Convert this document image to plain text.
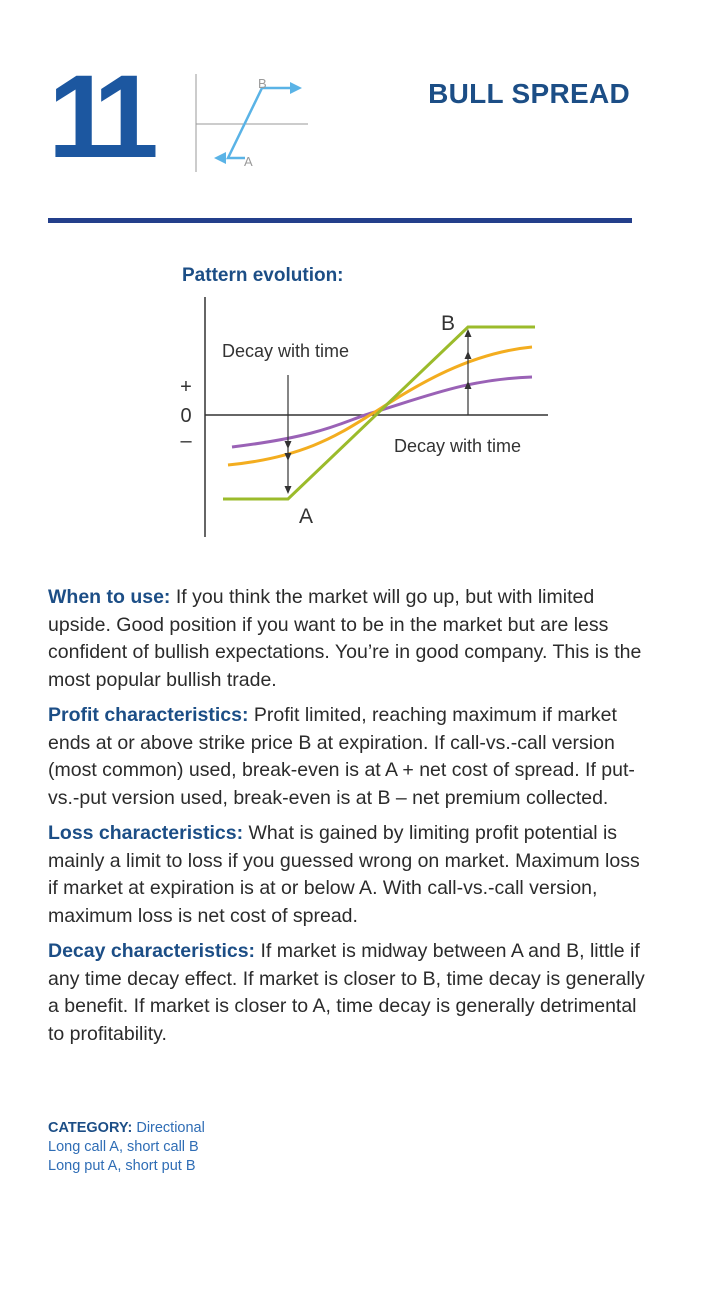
11	B
A
BULL SPREAD
Pattern evolution:
+
0
–
B
A
Decay with time
Decay with time

When to use: If you think the market will go up, but with limited upside. Good position if you want to be in the market but are less confident of bullish expectations. You’re in good company. This is the most popular bullish trade.

Profit characteristics: Profit limited, reaching maximum if market ends at or above strike price B at expiration. If call-vs.-call version (most common) used, break-even is at A + net cost of spread. If put-vs.-put version used, break-even is at B – net premium collected.

Loss characteristics: What is gained by limiting profit potential is mainly a limit to loss if you guessed wrong on market. Maximum loss if market at expiration is at or below A. With call-vs.-call version, maximum loss is net cost of spread.

Decay characteristics: If market is midway between A and B, little if any time decay effect. If market is closer to B, time decay is generally a benefit. If market is closer to A, time decay is generally detrimental to profitability.

CATEGORY: Directional
Long call A, short call B
Long put A, short put B
